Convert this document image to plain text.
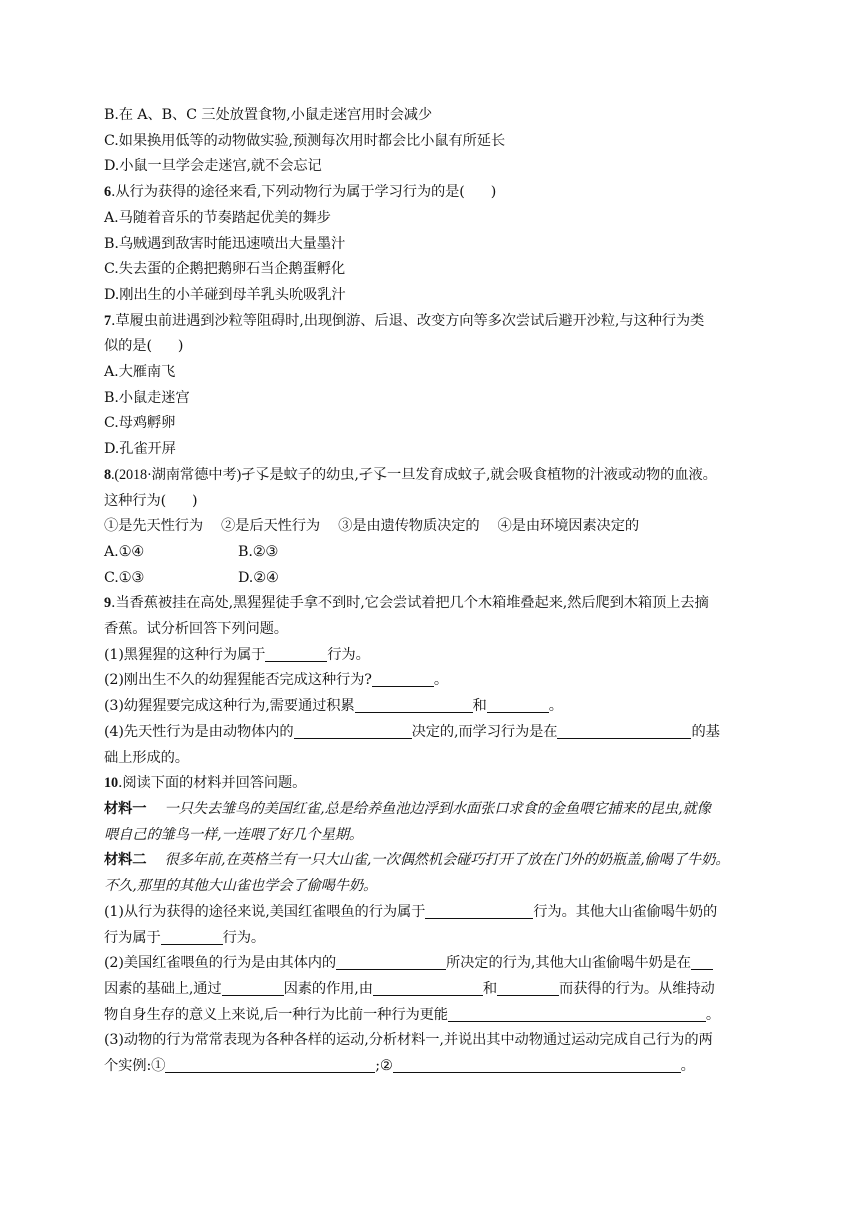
B.在 A、B、C 三处放置食物,小鼠走迷宫用时会减少
C.如果换用低等的动物做实验,预测每次用时都会比小鼠有所延长
D.小鼠一旦学会走迷宫,就不会忘记
6.从行为获得的途径来看,下列动物行为属于学习行为的是( )
A.马随着音乐的节奏踏起优美的舞步
B.乌贼遇到敌害时能迅速喷出大量墨汁
C.失去蛋的企鹅把鹅卵石当企鹅蛋孵化
D.刚出生的小羊碰到母羊乳头吮吸乳汁
7.草履虫前进遇到沙粒等阻碍时,出现倒游、后退、改变方向等多次尝试后避开沙粒,与这种行为类
似的是( )
A.大雁南飞
B.小鼠走迷宫
C.母鸡孵卵
D.孔雀开屏
8.(2018·湖南常德中考)孑孓是蚊子的幼虫,孑孓一旦发育成蚊子,就会吸食植物的汁液或动物的血液。
这种行为( )
①是先天性行为 ②是后天性行为 ③是由遗传物质决定的 ④是由环境因素决定的
A.①④	B.②③
C.①③	D.②④
9.当香蕉被挂在高处,黑猩猩徒手拿不到时,它会尝试着把几个木箱堆叠起来,然后爬到木箱顶上去摘
香蕉。试分析回答下列问题。
(1)黑猩猩的这种行为属于	行为。
(2)刚出生不久的幼猩猩能否完成这种行为?	。
(3)幼猩猩要完成这种行为,需要通过积累	和	。
(4)先天性行为是由动物体内的	决定的,而学习行为是在	的基
础上形成的。
10.阅读下面的材料并回答问题。
材料一 一只失去雏鸟的美国红雀,总是给养鱼池边浮到水面张口求食的金鱼喂它捕来的昆虫,就像
喂自己的雏鸟一样,一连喂了好几个星期。
材料二 很多年前,在英格兰有一只大山雀,一次偶然机会碰巧打开了放在门外的奶瓶盖,偷喝了牛奶。
不久,那里的其他大山雀也学会了偷喝牛奶。
(1)从行为获得的途径来说,美国红雀喂鱼的行为属于	行为。其他大山雀偷喝牛奶的
行为属于	行为。
(2)美国红雀喂鱼的行为是由其体内的	所决定的行为,其他大山雀偷喝牛奶是在
因素的基础上,通过	因素的作用,由	和	而获得的行为。从维持动
物自身生存的意义上来说,后一种行为比前一种行为更能	。
(3)动物的行为常常表现为各种各样的运动,分析材料一,并说出其中动物通过运动完成自己行为的两
个实例:①	;②	。
